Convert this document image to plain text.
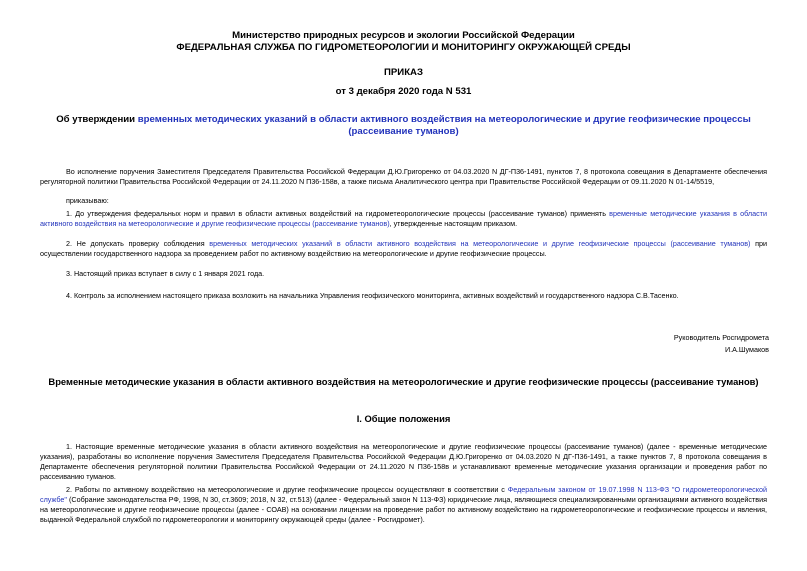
Министерство природных ресурсов и экологии Российской Федерации
ФЕДЕРАЛЬНАЯ СЛУЖБА ПО ГИДРОМЕТЕОРОЛОГИИ И МОНИТОРИНГУ ОКРУЖАЮЩЕЙ СРЕДЫ
ПРИКАЗ
от 3 декабря 2020 года N 531
Об утверждении временных методических указаний в области активного воздействия на метеорологические и другие геофизические процессы (рассеивание туманов)
Во исполнение поручения Заместителя Председателя Правительства Российской Федерации Д.Ю.Григоренко от 04.03.2020 N ДГ-П36-1491, пунктов 7, 8 протокола совещания в Департаменте обеспечения регуляторной политики Правительства Российской Федерации от 24.11.2020 N П36-158в, а также письма Аналитического центра при Правительстве Российской Федерации от 09.11.2020 N 01-14/5519,
приказываю:
1. До утверждения федеральных норм и правил в области активных воздействий на гидрометеорологические процессы (рассеивание туманов) применять временные методические указания в области активного воздействия на метеорологические и другие геофизические процессы (рассеивание туманов), утвержденные настоящим приказом.
2. Не допускать проверку соблюдения временных методических указаний в области активного воздействия на метеорологические и другие геофизические процессы (рассеивание туманов) при осуществлении государственного надзора за проведением работ по активному воздействию на метеорологические и другие геофизические процессы.
3. Настоящий приказ вступает в силу с 1 января 2021 года.
4. Контроль за исполнением настоящего приказа возложить на начальника Управления геофизического мониторинга, активных воздействий и государственного надзора С.В.Тасенко.
Руководитель Росгидромета
И.А.Шумаков
Временные методические указания в области активного воздействия на метеорологические и другие геофизические процессы (рассеивание туманов)
I. Общие положения
1. Настоящие временные методические указания в области активного воздействия на метеорологические и другие геофизические процессы (рассеивание туманов) (далее - временные методические указания), разработаны во исполнение поручения Заместителя Председателя Правительства Российской Федерации Д.Ю.Григоренко от 04.03.2020 N ДГ-П36-1491, а также пунктов 7, 8 протокола совещания в Департаменте обеспечения регуляторной политики Правительства Российской Федерации от 24.11.2020 N П36-158в и устанавливают временные методические указания организации и проведения работ по рассеиванию туманов.
2. Работы по активному воздействию на метеорологические и другие геофизические процессы осуществляют в соответствии с Федеральным законом от 19.07.1998 N 113-ФЗ "О гидрометеорологической службе" (Собрание законодательства РФ, 1998, N 30, ст.3609; 2018, N 32, ст.513) (далее - Федеральный закон N 113-ФЗ) юридические лица, являющиеся специализированными организациями активного воздействия на метеорологические и другие геофизические процессы (далее - СОАВ) на основании лицензии на проведение работ по активному воздействию на гидрометеорологические и геофизические процессы и явления, выданной Федеральной службой по гидрометеорологии и мониторингу окружающей среды (далее - Росгидромет).
